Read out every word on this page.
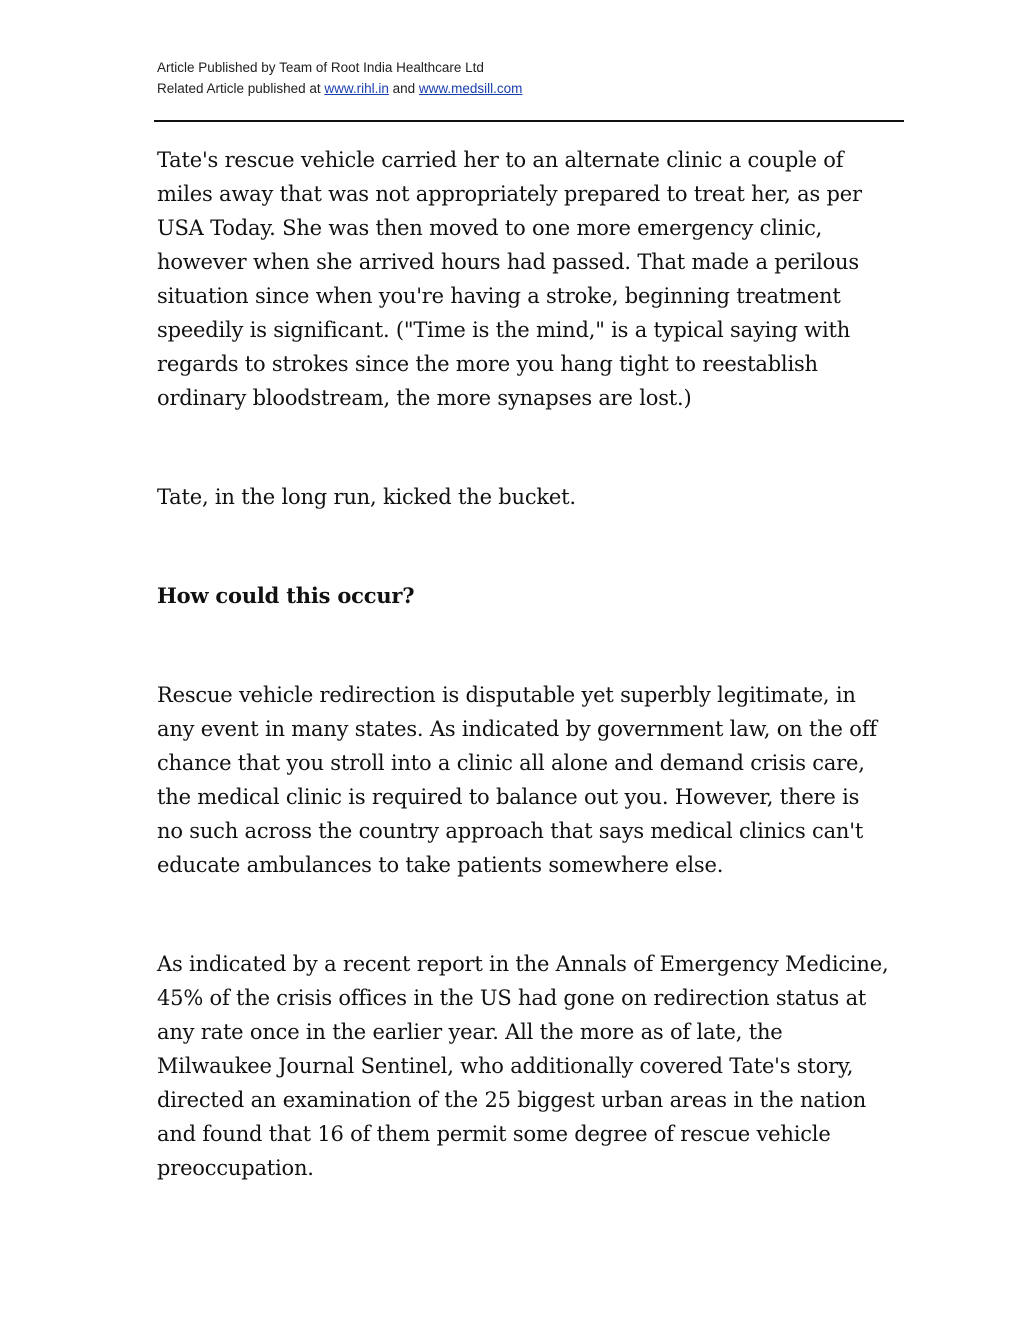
Article Published by Team of Root India Healthcare Ltd
Related Article published at www.rihl.in and www.medsill.com

Tate's rescue vehicle carried her to an alternate clinic a couple of
miles away that was not appropriately prepared to treat her, as per
USA Today. She was then moved to one more emergency clinic,
however when she arrived hours had passed. That made a perilous
situation since when you're having a stroke, beginning treatment
speedily is significant. ("Time is the mind," is a typical saying with
regards to strokes since the more you hang tight to reestablish
ordinary bloodstream, the more synapses are lost.)

Tate, in the long run, kicked the bucket.

How could this occur?

Rescue vehicle redirection is disputable yet superbly legitimate, in
any event in many states. As indicated by government law, on the off
chance that you stroll into a clinic all alone and demand crisis care,
the medical clinic is required to balance out you. However, there is
no such across the country approach that says medical clinics can't
educate ambulances to take patients somewhere else.

As indicated by a recent report in the Annals of Emergency Medicine,
45% of the crisis offices in the US had gone on redirection status at
any rate once in the earlier year. All the more as of late, the
Milwaukee Journal Sentinel, who additionally covered Tate's story,
directed an examination of the 25 biggest urban areas in the nation
and found that 16 of them permit some degree of rescue vehicle
preoccupation.
